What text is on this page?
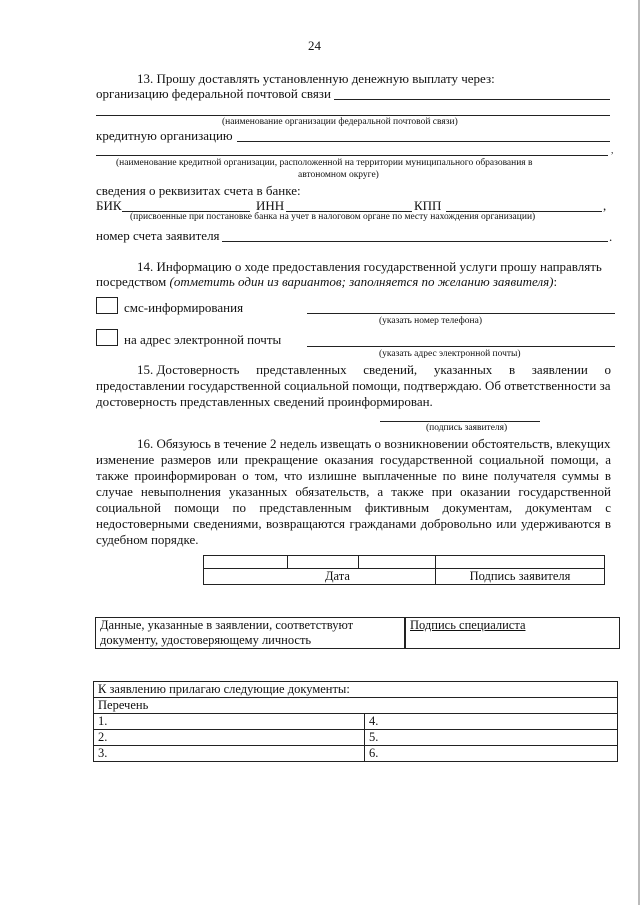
24
13. Прошу доставлять установленную денежную выплату через:
организацию федеральной почтовой связи
(наименование организации федеральной почтовой связи)
кредитную организацию
,
(наименование кредитной организации, расположенной на территории муниципального образования в
автономном округе)
сведения о реквизитах счета в банке:
БИК	ИНН	КПП	,
(присвоенные при постановке банка на учет в налоговом органе по месту нахождения организации)
номер счета заявителя	.
14. Информацию о ходе предоставления государственной услуги прошу направлять
посредством (отметить один из вариантов; заполняется по желанию заявителя):
смс-информирования
(указать номер телефона)
на адрес электронной почты
(указать адрес электронной почты)
15. Достоверность представленных сведений, указанных в заявлении о
предоставлении государственной социальной помощи, подтверждаю. Об ответственности за
достоверность представленных сведений проинформирован.
(подпись заявителя)
16. Обязуюсь в течение 2 недель извещать о возникновении обстоятельств, влекущих
изменение размеров или прекращение оказания государственной социальной помощи, а
также проинформирован о том, что излишне выплаченные по вине получателя суммы в
случае невыполнения указанных обязательств, а также при оказании государственной
социальной помощи по представленным фиктивным документам, документам с
недостоверными сведениями, возвращаются гражданами добровольно или удерживаются в
судебном порядке.

Дата			Подпись заявителя
Данные, указанные в заявлении, соответствуют
документу, удостоверяющему личность
	Подпись специалиста
К заявлению прилагаю следующие документы:	
Перечень	
1.	4.
2.	5.
3.	6.
